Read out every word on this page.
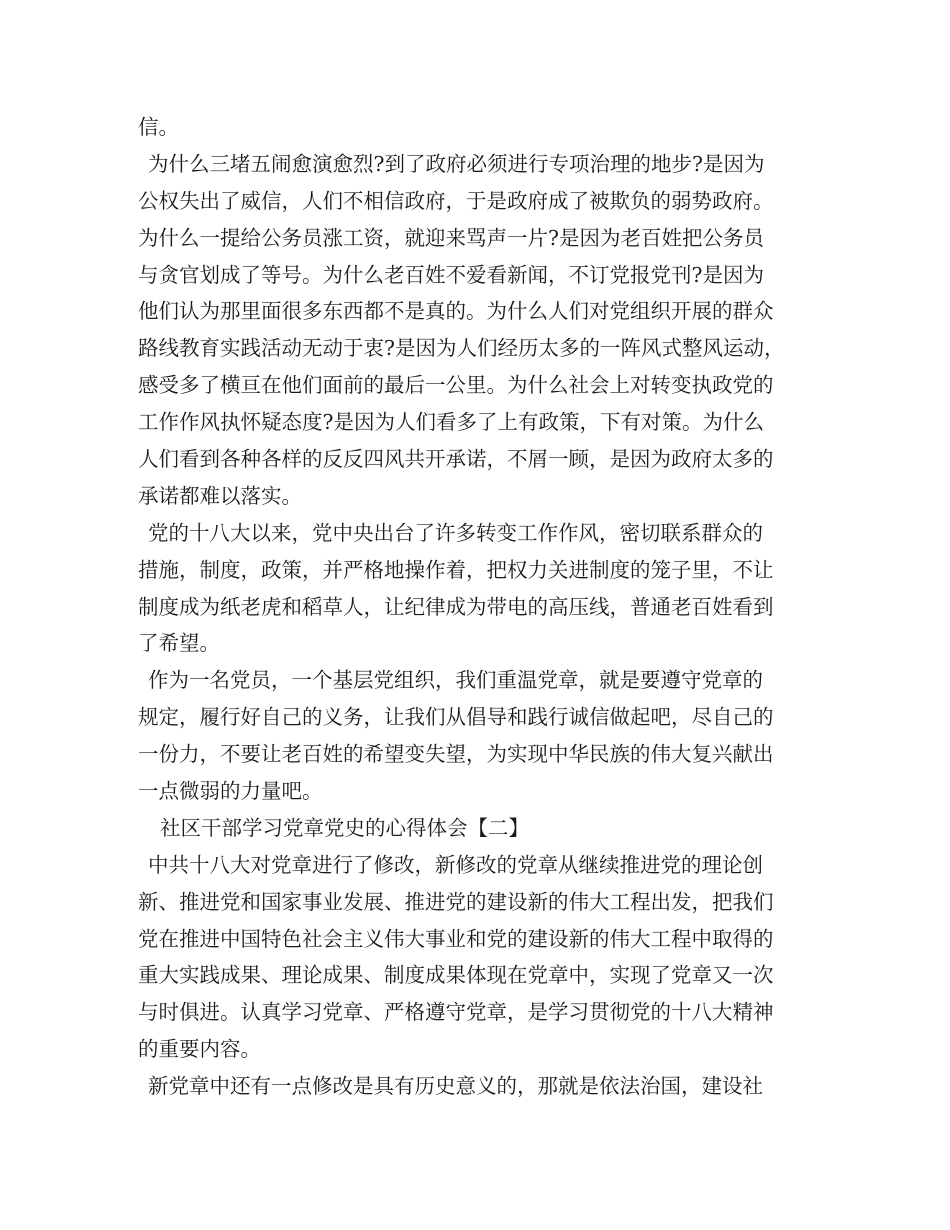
信。
为什么三堵五闹愈演愈烈?到了政府必须进行专项治理的地步?是因为
公权失出了威信，人们不相信政府，于是政府成了被欺负的弱势政府。
为什么一提给公务员涨工资，就迎来骂声一片?是因为老百姓把公务员
与贪官划成了等号。为什么老百姓不爱看新闻，不订党报党刊?是因为
他们认为那里面很多东西都不是真的。为什么人们对党组织开展的群众
路线教育实践活动无动于衷?是因为人们经历太多的一阵风式整风运动，
感受多了横亘在他们面前的最后一公里。为什么社会上对转变执政党的
工作作风执怀疑态度?是因为人们看多了上有政策，下有对策。为什么
人们看到各种各样的反反四风共开承诺，不屑一顾，是因为政府太多的
承诺都难以落实。
党的十八大以来，党中央出台了许多转变工作作风，密切联系群众的
措施，制度，政策，并严格地操作着，把权力关进制度的笼子里，不让
制度成为纸老虎和稻草人，让纪律成为带电的高压线，普通老百姓看到
了希望。
作为一名党员，一个基层党组织，我们重温党章，就是要遵守党章的
规定，履行好自己的义务，让我们从倡导和践行诚信做起吧，尽自己的
一份力，不要让老百姓的希望变失望，为实现中华民族的伟大复兴献出
一点微弱的力量吧。
社区干部学习党章党史的心得体会【二】
中共十八大对党章进行了修改，新修改的党章从继续推进党的理论创
新、推进党和国家事业发展、推进党的建设新的伟大工程出发，把我们
党在推进中国特色社会主义伟大事业和党的建设新的伟大工程中取得的
重大实践成果、理论成果、制度成果体现在党章中，实现了党章又一次
与时俱进。认真学习党章、严格遵守党章，是学习贯彻党的十八大精神
的重要内容。
新党章中还有一点修改是具有历史意义的，那就是依法治国，建设社
